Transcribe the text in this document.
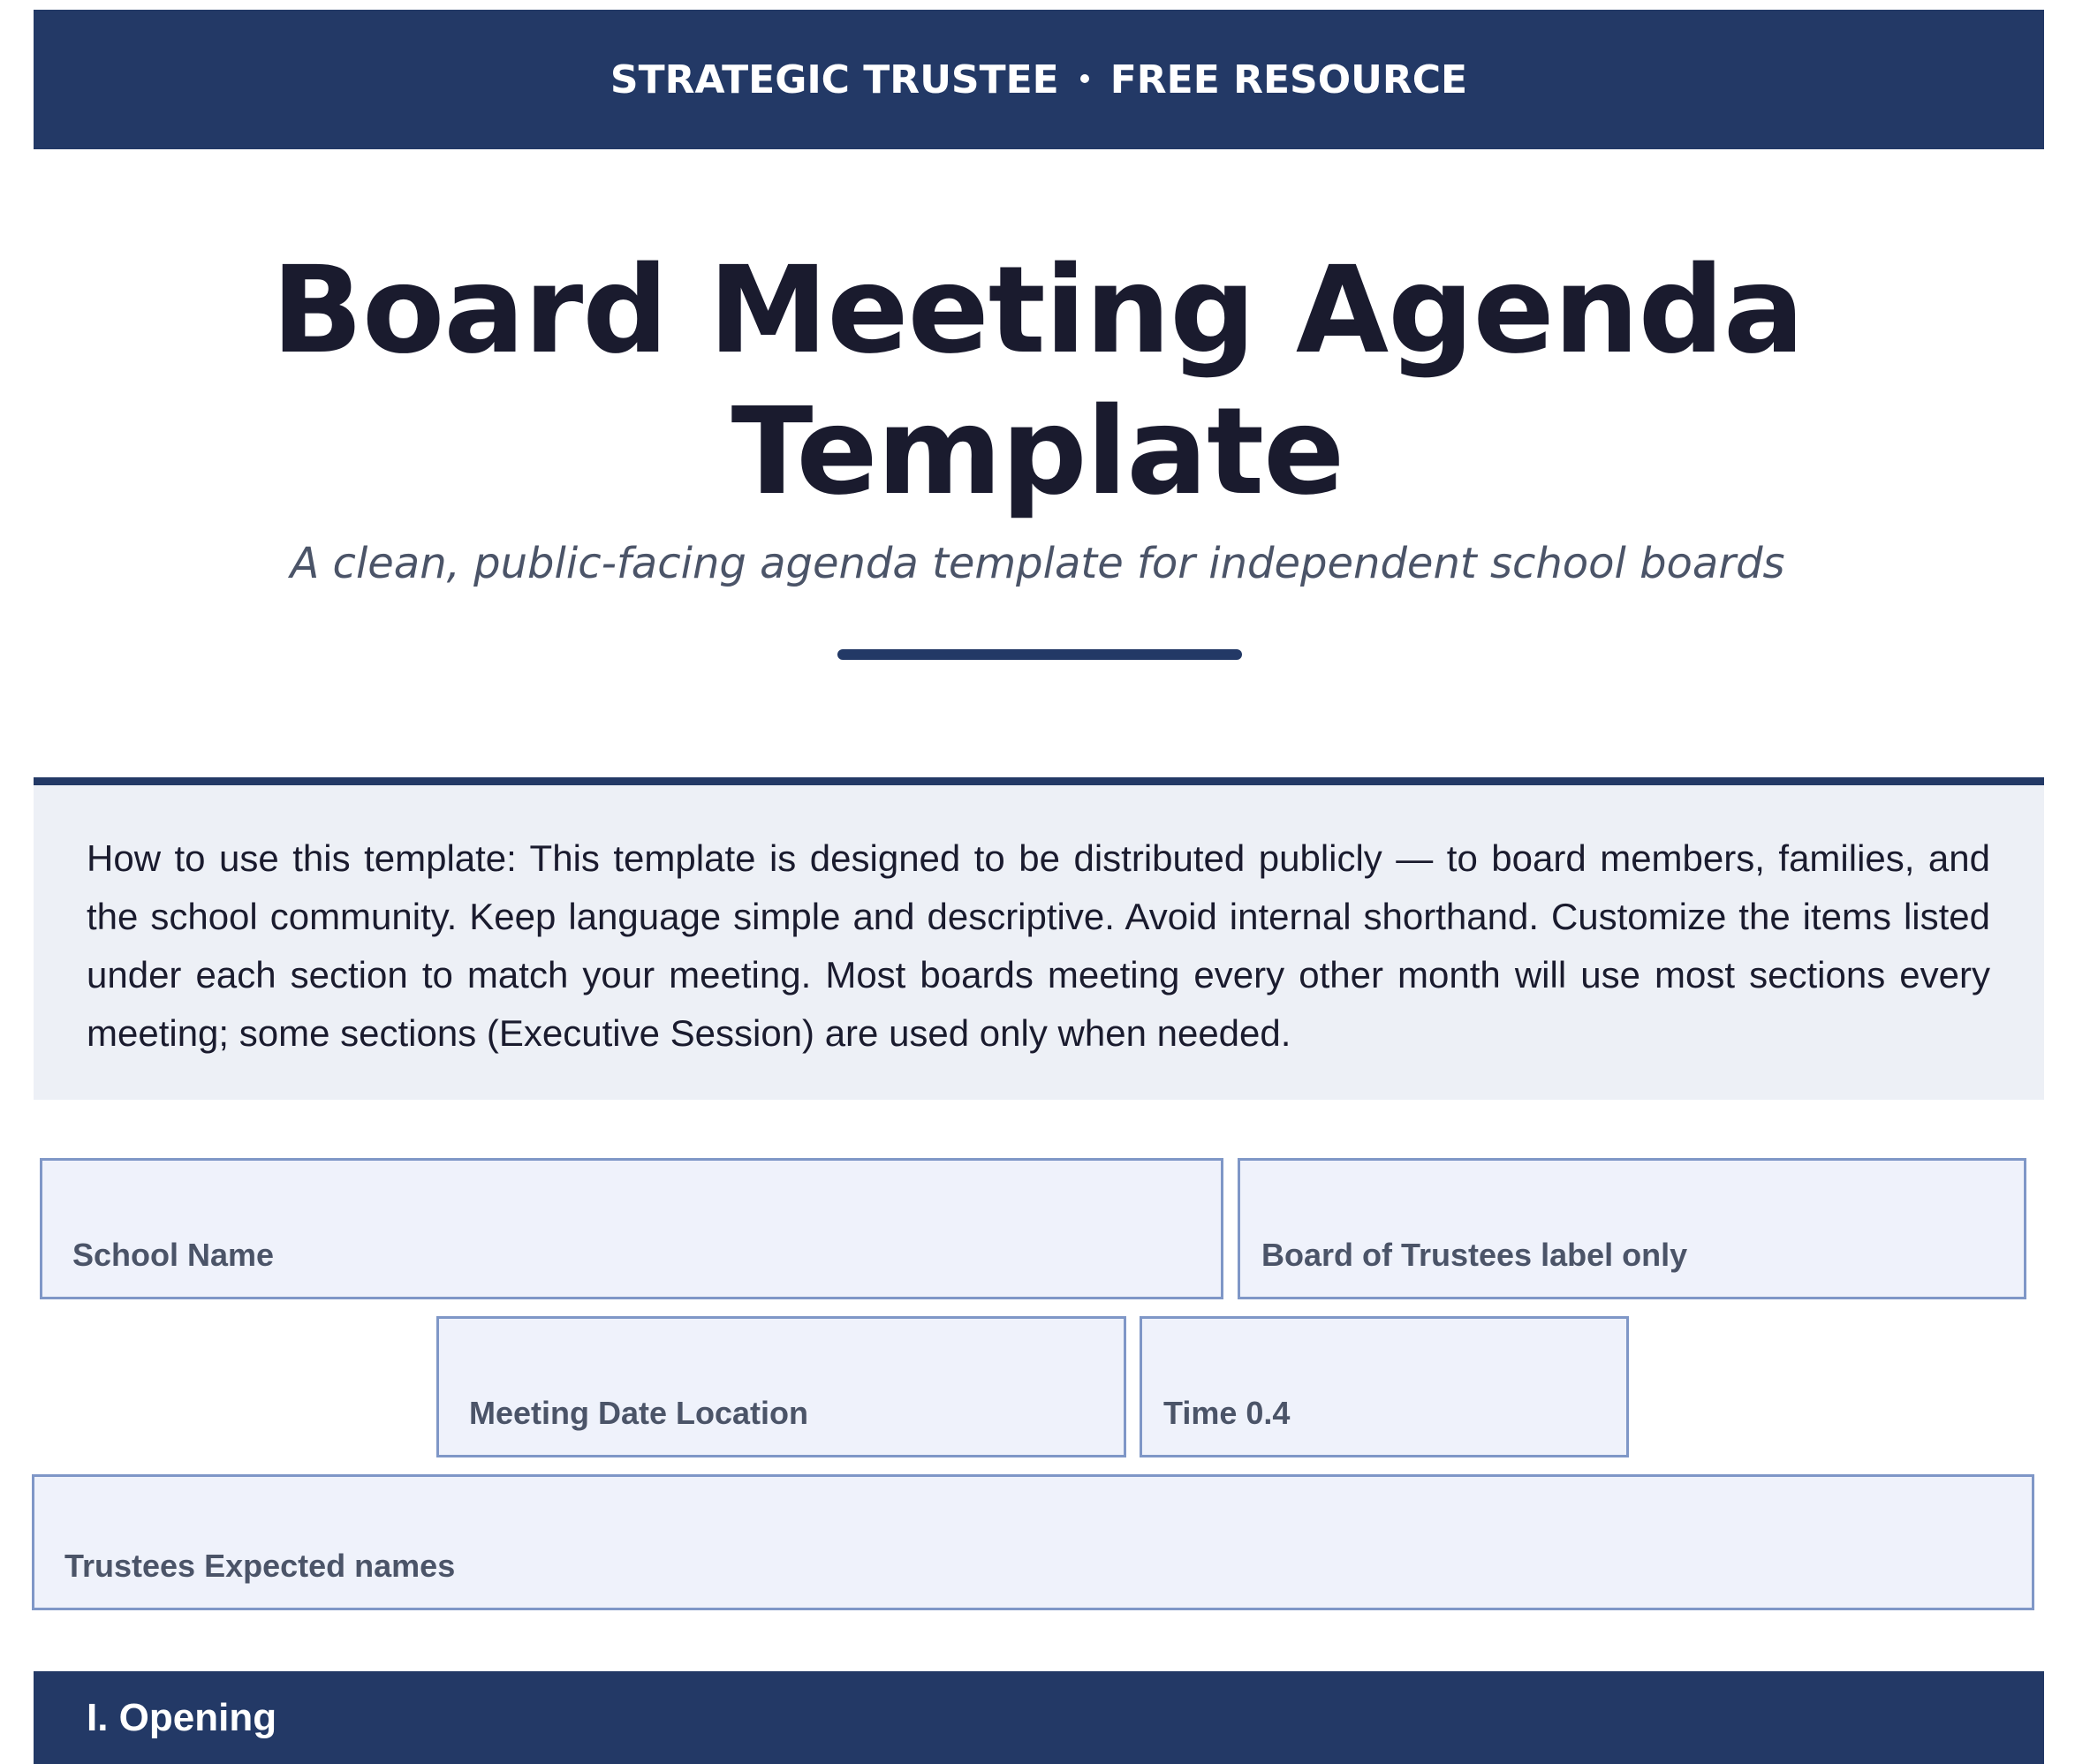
STRATEGIC TRUSTEE FREE RESOURCE
Board Meeting Agenda
Template
A clean, public-facing agenda template for independent school boards
How to use this template: This template is designed to be distributed publicly — to board members, families, and the school community. Keep language simple and descriptive. Avoid internal shorthand. Customize the items listed under each section to match your meeting. Most boards meeting every other month will use most sections every meeting; some sections (Executive Session) are used only when needed.
School Name	Board of Trustees label only
Meeting Date Location	Time 0.4
Trustees Expected names
I. Opening
